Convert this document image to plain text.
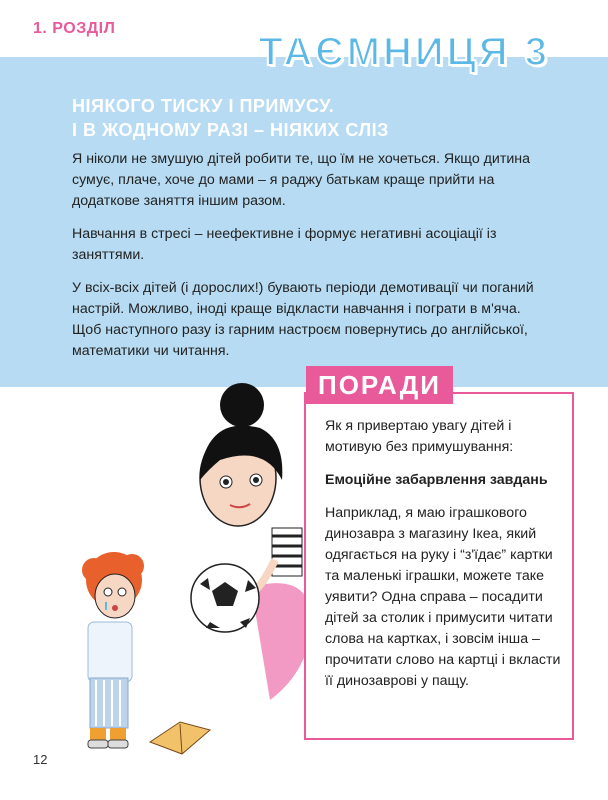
1. РОЗДІЛ
ТАЄМНИЦЯ 3
НІЯКОГО ТИСКУ І ПРИМУСУ.
І В ЖОДНОМУ РАЗІ – НІЯКИХ СЛІЗ

Я ніколи не змушую дітей робити те, що їм не хочеться. Якщо дитина сумує, плаче, хоче до мами – я раджу батькам краще прийти на додаткове заняття іншим разом.

Навчання в стресі – неефективне і формує негативні асоціації із заняттями.

У всіх-всіх дітей (і дорослих!) бувають періоди демотивації чи поганий настрій. Можливо, іноді краще відкласти навчання і пограти в м'яча. Щоб наступного разу із гарним настроєм повернутись до англійської, математики чи читання.

ПОРАДИ

Як я привертаю увагу дітей і мотивую без примушування:

Емоційне забарвлення завдань

Наприклад, я маю іграшкового динозавра з магазину Ікеа, який одягається на руку і “з'їдає” картки та маленькі іграшки, можете таке уявити? Одна справа – посадити дітей за столик і примусити читати слова на картках, і зовсім інша – прочитати слово на картці і вкласти її динозаврові у пащу.

12
